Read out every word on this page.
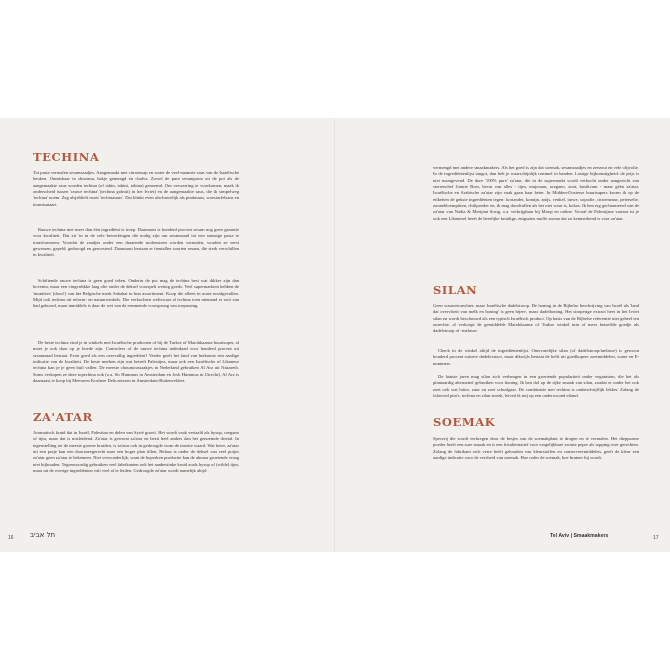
TECHINA

Tot pasta vermalen sesamzaadjes. Aangemaakt met citroensap en water de veel-naamste saus van de Israëlische keuken. Onmisbaar in shoarma, bakje gemengd en chalva. Zowel de pure sesampasta uit de pot als de aangemaakte saus worden techina (of tahin, tahini, tahina) genoemd. Om verwarring te voorkomen, maak ik onderscheid tussen 'rauwe techina' (techina golmit) in het Ivriet) en de aangemaakte saus, die ik simpelweg 'techina' noem. Zeg alsjeblieft nooit 'techinasaus'. Dat klinkt even afschuwelijk als pindasaus, woestarfelsaus en tiramisutaart.

Rauwe techina met meer dan één ingrediënt is troep. Daarnaast is honderd procent sesam nog geen garantie voor kwaliteit. Dat zit 'm in de vele bewerkingen die nodig zijn om sesamzaad tot een smeuïge pasta te transformeren. Voordat de zaadjes onder een draaiende molensteen worden vermalen, worden ze eerst gewassen, gepeld, gedroogd en geroosterd. Daarnaast bestaan er tientallen soorten sesam, die sterk verschillen in kwaliteit.

Schiftende rauwe techina is geen goed teken. Onderin de pot mag de techina best wat dikker zijn dan bovenin, maar een vingerdikke laag olie onder de deksel voorspelt weinig goeds. Veel supermarkten hebben de 'muntfees' (doos!) van het Belgische merk Sahahat in hun assortiment. Koop die alleen in acute noodgevallen. Mijd ook techina uit reform- en natuurwinkels. Die verkochten weliswaar al techina toen niemand er ooit van had gehoord, maar inmiddels is daar de wet van de remmende voorsprong van toepassing.

De beste techina vind je in winkels met Israëlische producten of bij de Turkse of Marokkaanse buurtsuper, al moet je ook daar op je hoede zijn. Controleer of de rauwe techina inderdaad voor honderd procent uit sesamzaad bestaat. Even goed als een overvallig ingrediënt? Verder geeft het land van herkomst een aardige indicatie van de kwaliteit. De beste merken zijn wat betreft Palestijns, maar ook een Israëlische of Libanese techina kan je je geen buil vallen. De meeste choumoussaakjes in Nederland gebruiken Al Arz uit Nazareth. Soms verkopen ze deze topechina ook (o.a. Sir Hummus in Amsterdam en Josh Hummus in Utrecht). Al Arz is daarnaast te koop bij Meeuwes Koshere Delicatessen in Amsterdam-Buitenveldert.

ZA'ATAR

Aromatisch kruid dat in Israël, Palestina en delen van Syrië groeit. Het wordt vaak vertaald als hysop, oregano of tijm, maar dat is misleidend. Za'atar is gewoon za'atar en bezit heel anders dan het genoemde drietal. In tegenstelling tot de meeste groene kruiden, is za'atar ook in gedroogde vorm de moeite waard. Wat beter, za'atar uit een potje kan een doorsneegerecht naar een hoger plan tillen. Helaas is onder de deksel van veel potjes za'atar geen za'atar te bekennen. Niet verwonderlijk, want de boperken productie kan de almaar groeiende vraag niet bijhouden. Tegenwoordig gebruiken veel fabrikanten ook het aanbestinke kruid zoals hysop of (wilde) tijm, maar uit de overige ingrediënten valt veel af te leiden. Gedroogde za'atar wordt namelijk altijd

vermengd met andere smaakmakers. Als het goed is zijn dat soemak, sesamzaadjes en zeezout en vele olijvolie. In de ingrediëntenlijst tangot, dan heb je waarschijnlijk rommel in handen. Lastige bijkomstigheid: de prijs is niet maatgevend. De dure '100% pure' za'atar, die in de supermarkt wordt verkocht onder aangezicht van sterrenchef Jonnie Boer, bevat van alles - tijm, majoraan, oregano, zout, basilicum - maar géén za'atar. Israëlische en Arabische za'atar zijn vaak gaan haar beter. In Midden-Oosterse buurtsupers kwam ik op de etiketten de gekste ingrediënten tegen: koriander, komijn, anijs, venkel, tarwe, sojaolie, citroenzuur, peterselie, zonnebloempitten, chilipoeder en, ik mag doodvallen als het niet waar is, kokos. Ik ben erg gecharmeerd van de za'atar van Nadia & Merijani Sosig, o.a. verkrijgbaar bij Marqt en online. Vooral de Palestijnse variant ist je ook een Libanesel heeft de heerlijke kruidige, enigszins muffe aroma dat zo kenmerkend is voor za'atar.

SILAN

Geen wauwetouwhter, maar Israëlische dadelstroop. De honing in de Bijbelse beschrijving van Israël als 'land dat overvloeit van melk en honing' is geen bijen-, maar dadelhoning. Het stroperige extract heet in het Ivriet silan en wordt beschouwd als een typisch Israëlisch product. Op basis van de Bijbelse referentie niet geheel ten onrechte, al verkoopt de gemiddelde Marokkaanse of Turkse winkel min of meer hetzelfde goedje als dadelstroop of -melasse.

Check in de winkel altijd de ingrediëntenlijst. Onervarelijke silan (of dadelstroop/melasse) is gewoon honderd procent suivere dadelextract, maar dikwijls bestaat de helft uit goedkopere zoetmiddelen, water en E-nummers.

De laatste jaren mag silan zich verheugen in een groeiende populariteit onder veganisten, die het als plantaardig alternatief gebruiken voor honing. Ik ben dol op de rijke smaak van silan, zoadat er onder het ook zoet ook wat bitter, zuur en zoet schuilgaat. De combinatie met techina is ombeschrijflijk lekker. Zalang de falavoed pita's, techina en silan streek, leived ik mij op een onderwoond eiland.

SOEMAK

Specerij die wordt verkregen door de besjes van de soemakplant te drogen en te vermalen. Het dieppaarse poeder heeft een zure smaak en is een frisalternatief voor vergelijkbare zwarte peper als topping over gerechten. Zolang de fabrikant zich verre heeft gehouden van kleurstoffen en conserveermiddelen, geeft de kleur een aardige indicatie voor de versheid van soemak. Hoe roder de soemak, hoe bruiner hij wordt.

16 תל אביב	Tel Aviv | Smaakmakers	17
